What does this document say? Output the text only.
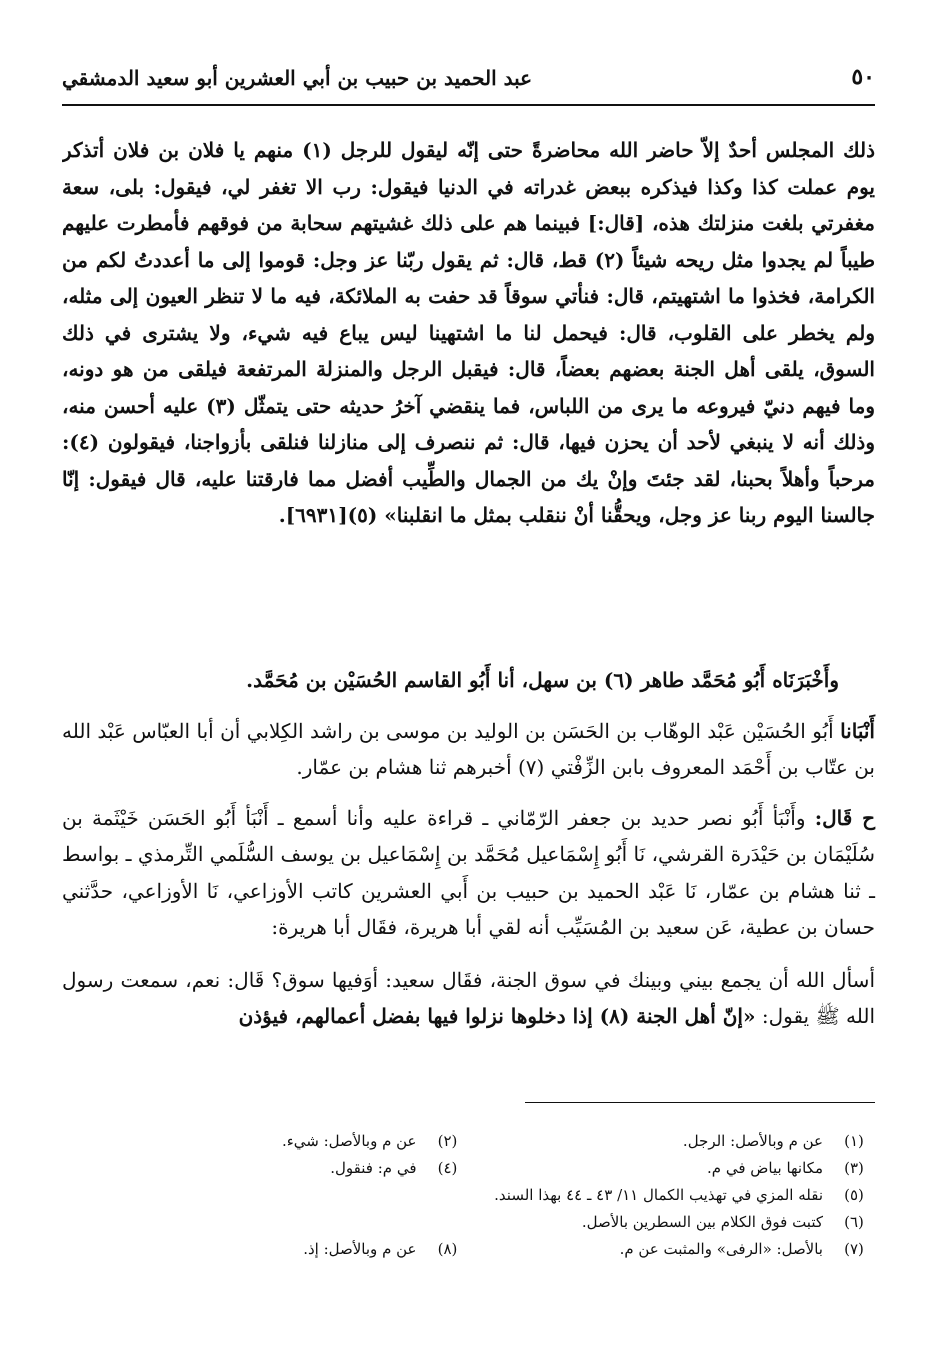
٥٠
عبد الحميد بن حبيب بن أبي العشرين أبو سعيد الدمشقي

ذلك المجلس أحدٌ إلاّ حاضر الله محاضرةً حتى إنّه ليقول للرجل (١) منهم يا فلان بن فلان أتذكر يوم عملت كذا وكذا فيذكره ببعض غدراته في الدنيا فيقول: رب الا تغفر لي، فيقول: بلى، سعة مغفرتي بلغت منزلتك هذه، [قال:] فبينما هم على ذلك غشيتهم سحابة من فوقهم فأمطرت عليهم طيباً لم يجدوا مثل ريحه شيئاً (٢) قط، قال: ثم يقول ربّنا عز وجل: قوموا إلى ما أعددتُ لكم من الكرامة، فخذوا ما اشتهيتم، قال: فنأتي سوقاً قد حفت به الملائكة، فيه ما لا تنظر العيون إلى مثله، ولم يخطر على القلوب، قال: فيحمل لنا ما اشتهينا ليس يباع فيه شيء، ولا يشترى في ذلك السوق، يلقى أهل الجنة بعضهم بعضاً، قال: فيقبل الرجل والمنزلة المرتفعة فيلقى من هو دونه، وما فيهم دنيّ فيروعه ما يرى من اللباس، فما ينقضي آخرُ حديثه حتى يتمثّل (٣) عليه أحسن منه، وذلك أنه لا ينبغي لأحد أن يحزن فيها، قال: ثم ننصرف إلى منازلنا فنلقى بأزواجنا، فيقولون (٤): مرحباً وأهلاً بحبنا، لقد جئتَ وإنْ يك من الجمال والطِّيب أفضل مما فارقتنا عليه، قال فيقول: إنّا جالسنا اليوم ربنا عز وجل، ويحقُّنا أنْ ننقلب بمثل ما انقلبنا» (٥)[٦٩٣١].

وأَخْبَرَنَاه أَبُو مُحَمَّد طاهر (٦) بن سهل، أنا أَبُو القاسم الحُسَيْن بن مُحَمَّد.

أَنْبَانا أَبُو الحُسَيْن عَبْد الوهّاب بن الحَسَن بن الوليد بن موسى بن راشد الكِلابي أن أبا العبّاس عَبْد الله بن عتّاب بن أَحْمَد المعروف بابن الزِّفْتي (٧) أخبرهم ثنا هشام بن عمّار.

ح قَال: وأَنْبَأ أَبُو نصر حديد بن جعفر الرّمّاني ـ قراءة عليه وأنا أسمع ـ أَنْبَأ أَبُو الحَسَن خَيْثَمة بن سُلَيْمَان بن حَيْدَرة القرشي، نَا أَبُو إِسْمَاعيل مُحَمَّد بن إِسْمَاعيل بن يوسف السُّلَمي التِّرمذي ـ بواسط ـ ثنا هشام بن عمّار، نَا عَبْد الحميد بن حبيب بن أَبي العشرين كاتب الأوزاعي، نَا الأوزاعي، حدَّثني حسان بن عطية، عَن سعيد بن المُسَيِّب أنه لقي أبا هريرة، فقَال أبا هريرة:

أسأل الله أن يجمع بيني وبينك في سوق الجنة، فقَال سعيد: أوَفيها سوق؟ قَال: نعم، سمعت رسول الله ﷺ يقول: «إنّ أهل الجنة (٨) إذا دخلوها نزلوا فيها بفضل أعمالهم، فيؤذن

(١)
عن م وبالأصل: الرجل.
(٢)
عن م وبالأصل: شيء.
(٣)
مكانها بياض في م.
(٤)
في م: فنقول.
(٥)
نقله المزي في تهذيب الكمال ١١/ ٤٣ ـ ٤٤ بهذا السند.
(٦)
كتبت فوق الكلام بين السطرين بالأصل.
(٧)
بالأصل: «الرفى» والمثبت عن م.
(٨)
عن م وبالأصل: إذ.
